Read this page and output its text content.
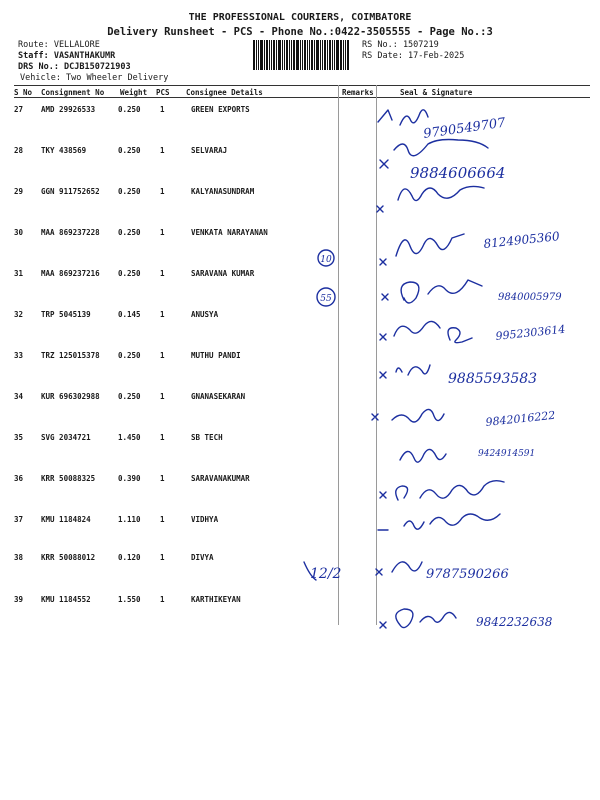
THE PROFESSIONAL COURIERS, COIMBATORE
Delivery Runsheet - PCS - Phone No.:0422-3505555 - Page No.:3
Route: VELLALORE
Staff: VASANTHAKUMR
DRS No.: DCJB150721903
Vehicle: Two Wheeler Delivery
RS No.: 1507219
RS Date: 17-Feb-2025
S No Consignment No Weight PCS Consignee Details	Remarks	Seal & Signature
27 AMD 29926533	0.250	1	GREEN EXPORTS
28 TKY 438569	0.250	1	SELVARAJ
29 GGN 911752652 0.250	1	KALYANASUNDRAM
30 MAA 869237228 0.250	1	VENKATA NARAYANAN
31 MAA 869237216 0.250	1	SARAVANA KUMAR
32 TRP 5045139	0.145	1	ANUSYA
33 TRZ 125015378 0.250	1	MUTHU PANDI
34 KUR 696302988 0.250	1	GNANASEKARAN
35 SVG 2034721	1.450	1	SB TECH
36 KRR 50088325	0.390	1	SARAVANAKUMAR
37 KMU 1184824	1.110	1	VIDHYA
38 KRR 50088012	0.120	1	DIVYA
39 KMU 1184552	1.550	1	KARTHIKEYAN
10
55
12/2
9790549707
9884606664
8124905360
9840005979
9952303614
9885593583
9842016222
9424914591
9787590266
9842232638
